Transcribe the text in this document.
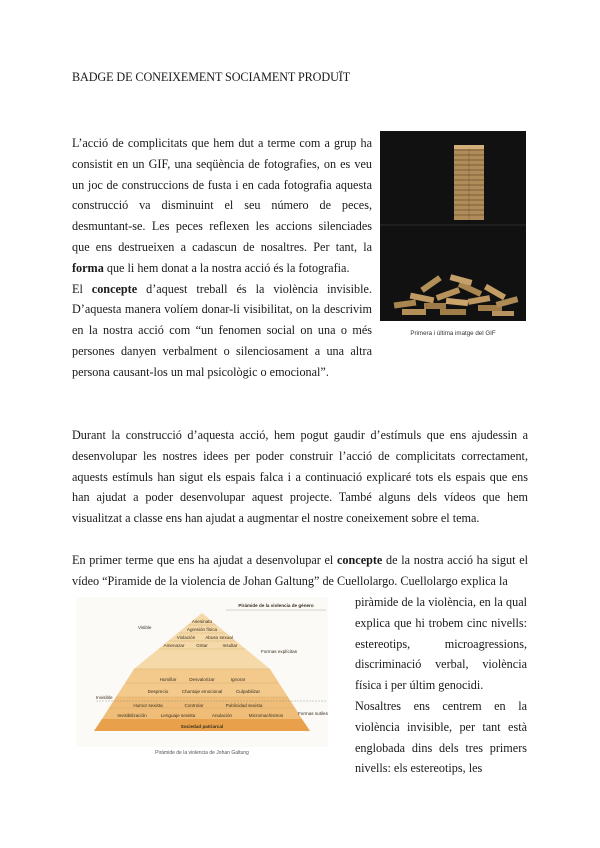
BADGE DE CONEIXEMENT SOCIAMENT PRODUÏT

L’acció de complicitats que hem dut a terme com a grup ha consistit en un GIF, una seqüència de fotografies, on es veu un joc de construccions de fusta i en cada fotografia aquesta construcció va disminuint el seu número de peces, desmuntant-se. Les peces reflexen les accions silenciades que ens destrueixen a cadascun de nosaltres. Per tant, la forma que li hem donat a la nostra acció és la fotografia.

El concepte d’aquest treball és la violència invisible. D’aquesta manera volíem donar-li visibilitat, on la descrivim en la nostra acció com “un fenomen social on una o més persones danyen verbalment o silenciosament a una altra persona causant-los un mal psicològic o emocional”.

Primera i última imatge del GIF
Durant la construcció d’aquesta acció, hem pogut gaudir d’estímuls que ens ajudessin a desenvolupar les nostres idees per poder construir l’acció de complicitats correctament, aquests estímuls han sigut els espais falca i a continuació explicaré tots els espais que ens han ajudat a poder desenvolupar aquest projecte. També alguns dels vídeos que hem visualitzat a classe ens han ajudat a augmentar el nostre coneixement sobre el tema.
En primer terme que ens ha ajudat a desenvolupar el concepte de la nostra acció ha sigut el vídeo “Piramide de la violencia de Johan Galtung” de Cuellolargo. Cuellolargo explica la
Pirámide de la violencia de género
Visible
Invisible
Formas explícitas
Formas sutiles
Asesinato
Agresión física
Violación Abuso sexual
Amenazar	Gritar	Insultar
Humillar	Desvalorizar	Ignorar
Desprecio	Chantaje emocional	Culpabilizar
Humor sexista	Controlar	Publicidad sexista
Invisibilización	Lenguaje sexista	Anulación	Micromachismos
Sociedad patriarcal
Pirámide de la violencia de Johan Galtung

piràmide de la violència, en la qual explica que hi trobem cinc nivells: estereotips, microagressions, discriminació verbal, violència física i per últim genocidi.

Nosaltres ens centrem en la violència invisible, per tant està englobada dins dels tres primers nivells: els estereotips, les
